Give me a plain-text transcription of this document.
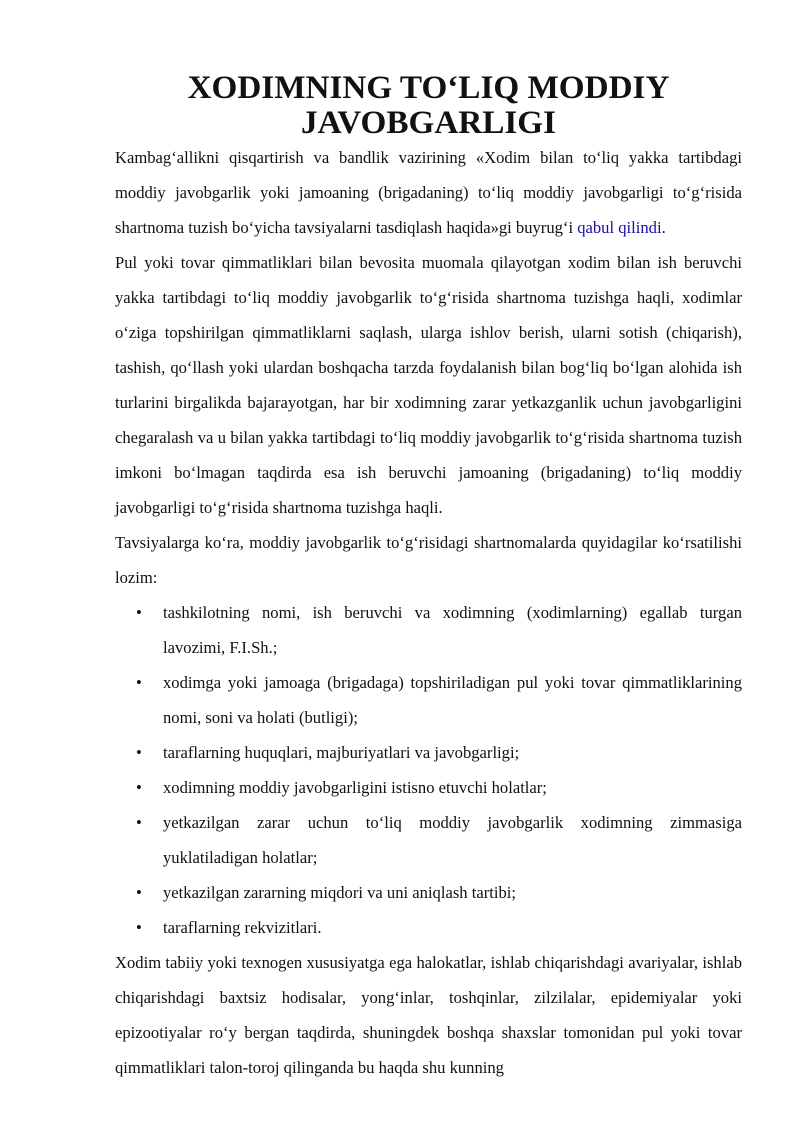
XODIMNING TO‘LIQ MODDIY JAVOBGARLIGI

Kambag‘allikni qisqartirish va bandlik vazirining «Xodim bilan to‘liq yakka tartibdagi moddiy javobgarlik yoki jamoaning (brigadaning) to‘liq moddiy javobgarligi to‘g‘risida shartnoma tuzish bo‘yicha tavsiyalarni tasdiqlash haqida»gi buyrug‘i qabul qilindi.

Pul yoki tovar qimmatliklari bilan bevosita muomala qilayotgan xodim bilan ish beruvchi yakka tartibdagi to‘liq moddiy javobgarlik to‘g‘risida shartnoma tuzishga haqli, xodimlar o‘ziga topshirilgan qimmatliklarni saqlash, ularga ishlov berish, ularni sotish (chiqarish), tashish, qo‘llash yoki ulardan boshqacha tarzda foydalanish bilan bog‘liq bo‘lgan alohida ish turlarini birgalikda bajarayotgan, har bir xodimning zarar yetkazganlik uchun javobgarligini chegaralash va u bilan yakka tartibdagi to‘liq moddiy javobgarlik to‘g‘risida shartnoma tuzish imkoni bo‘lmagan taqdirda esa ish beruvchi jamoaning (brigadaning) to‘liq moddiy javobgarligi to‘g‘risida shartnoma tuzishga haqli.

Tavsiyalarga ko‘ra, moddiy javobgarlik to‘g‘risidagi shartnomalarda quyidagilar ko‘rsatilishi lozim:

• tashkilotning nomi, ish beruvchi va xodimning (xodimlarning) egallab turgan lavozimi, F.I.Sh.;
• xodimga yoki jamoaga (brigadaga) topshiriladigan pul yoki tovar qimmatliklarining nomi, soni va holati (butligi);
• taraflarning huquqlari, majburiyatlari va javobgarligi;
• xodimning moddiy javobgarligini istisno etuvchi holatlar;
• yetkazilgan zarar uchun to‘liq moddiy javobgarlik xodimning zimmasiga yuklatiladigan holatlar;
• yetkazilgan zararning miqdori va uni aniqlash tartibi;
• taraflarning rekvizitlari.

Xodim tabiiy yoki texnogen xususiyatga ega halokatlar, ishlab chiqarishdagi avariyalar, ishlab chiqarishdagi baxtsiz hodisalar, yong‘inlar, toshqinlar, zilzilalar, epidemiyalar yoki epizootiyalar ro‘y bergan taqdirda, shuningdek boshqa shaxslar tomonidan pul yoki tovar qimmatliklari talon-toroj qilinganda bu haqda shu kunning
